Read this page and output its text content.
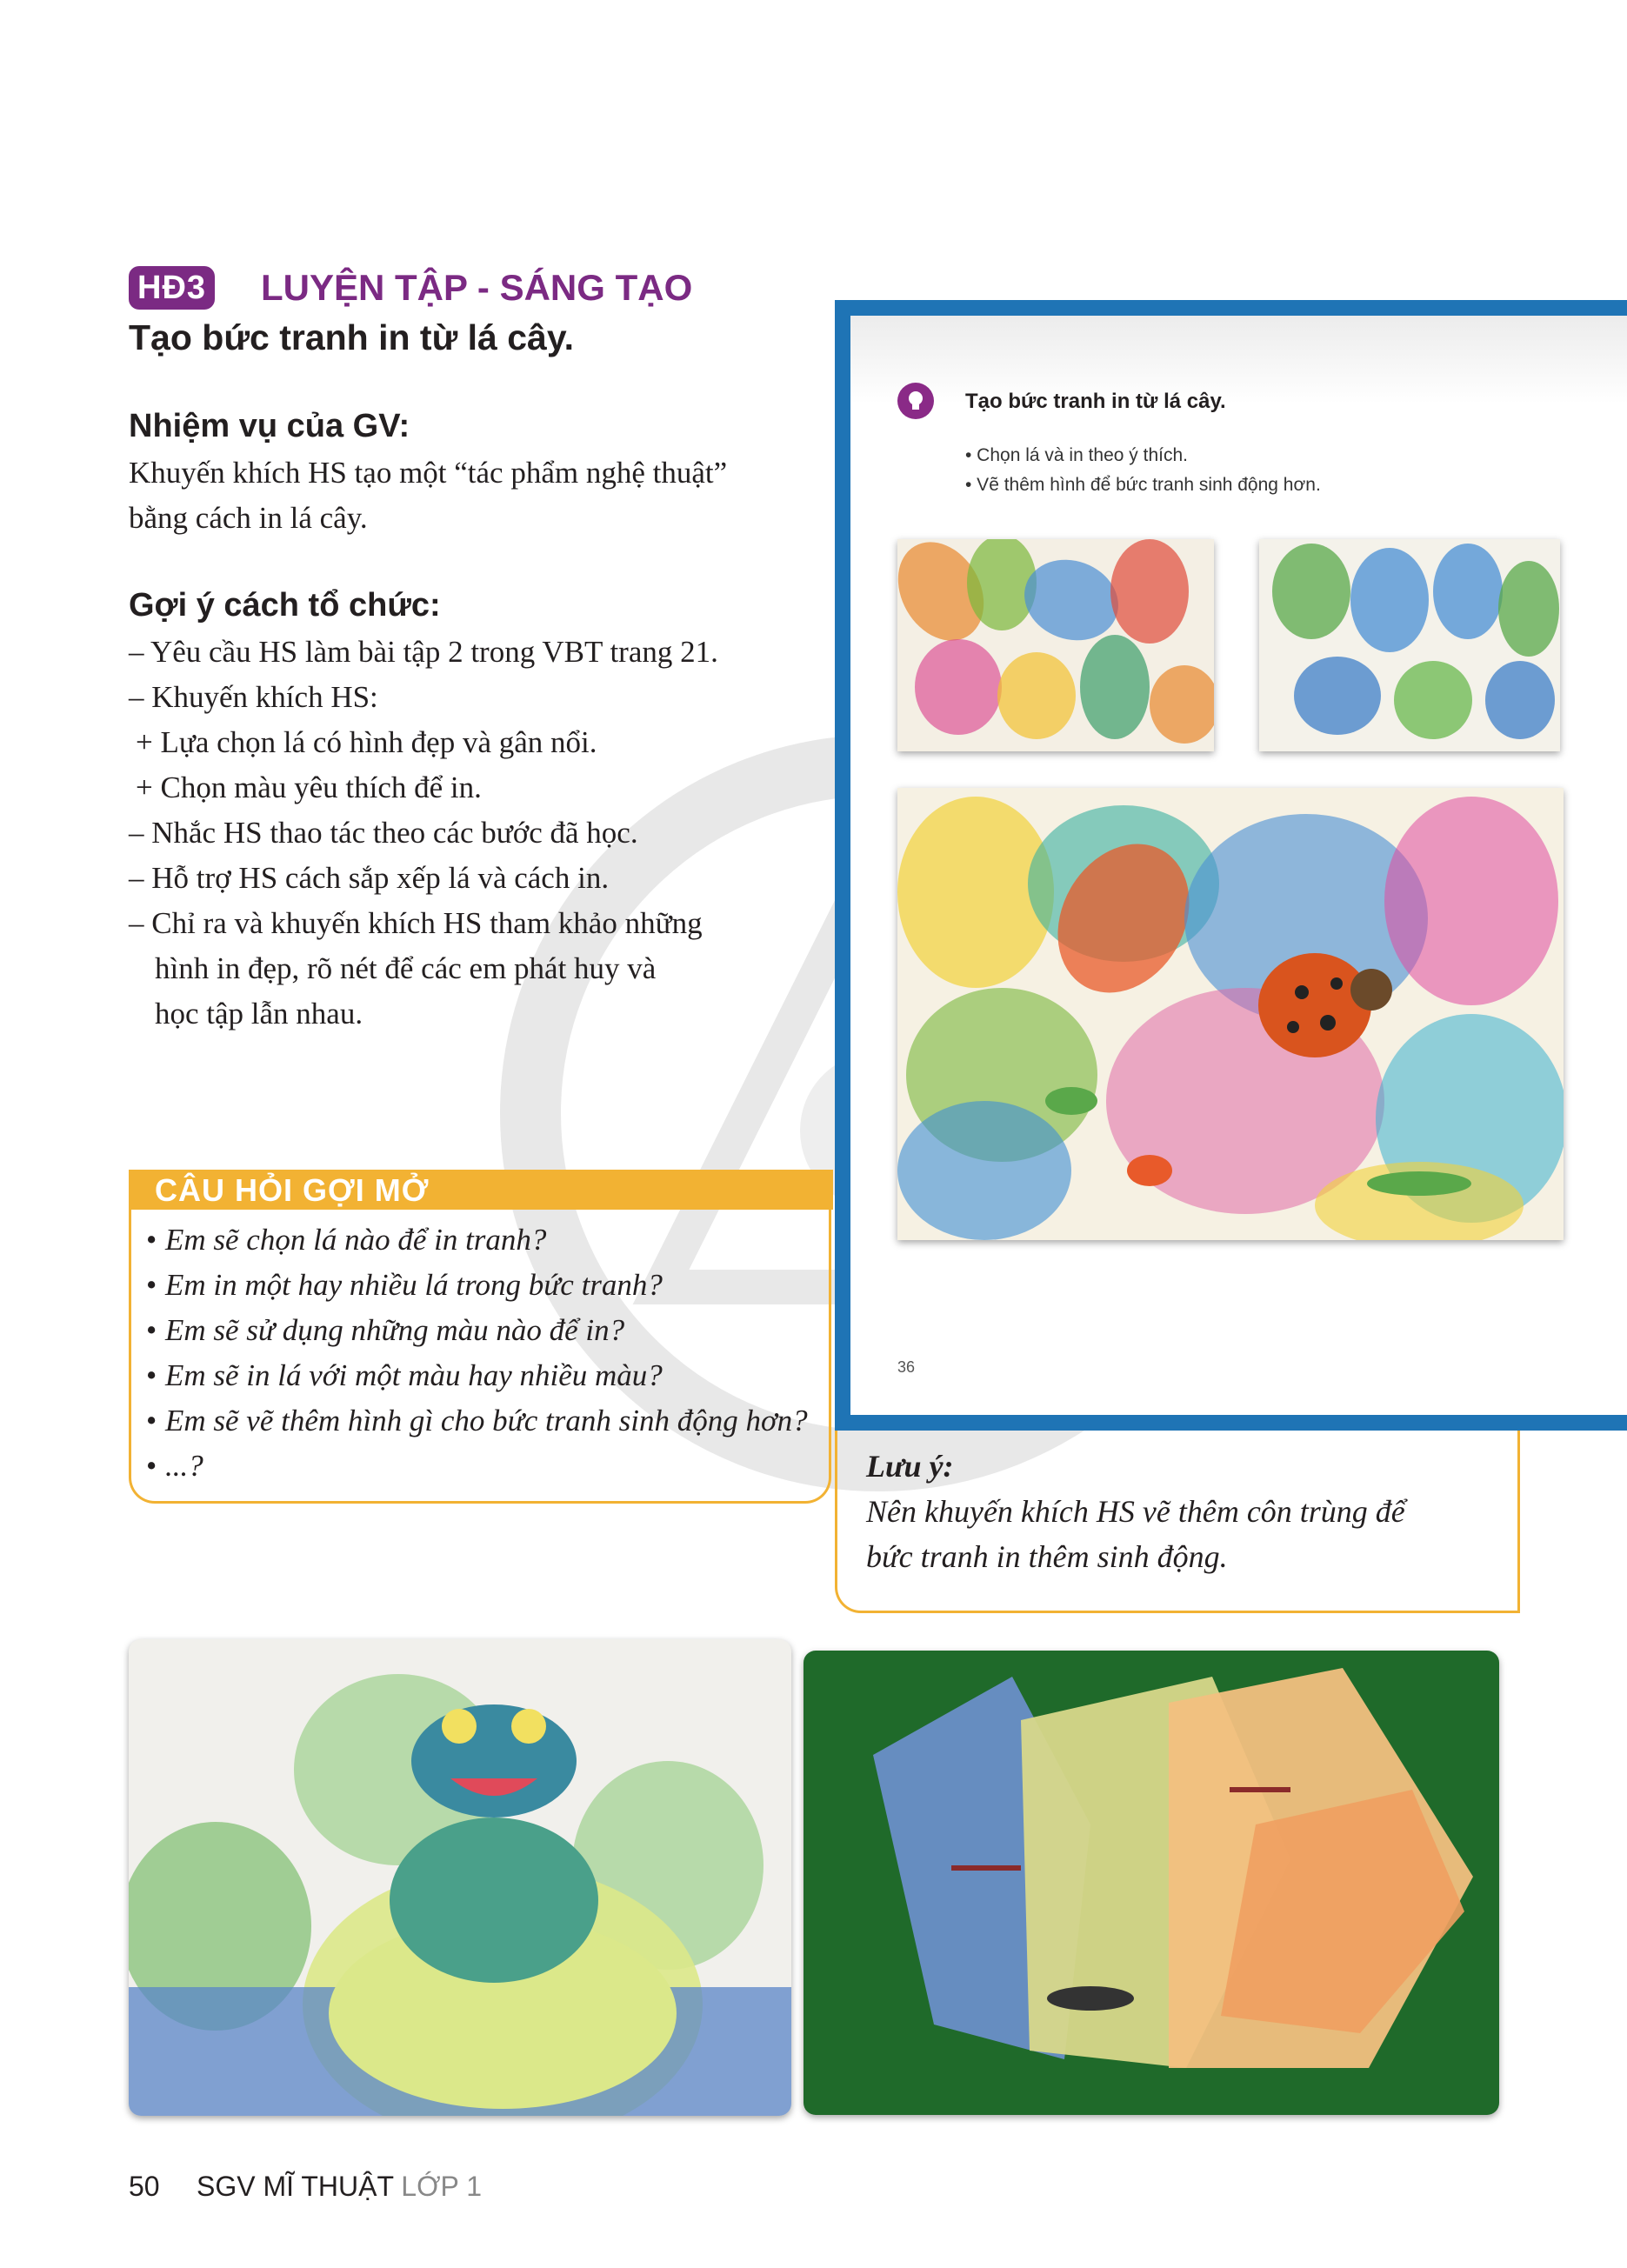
HĐ3 LUYỆN TẬP - SÁNG TẠO
Tạo bức tranh in từ lá cây.
Nhiệm vụ của GV:
Khuyến khích HS tạo một “tác phẩm nghệ thuật”
bằng cách in lá cây.
Gợi ý cách tổ chức:
– Yêu cầu HS làm bài tập 2 trong VBT trang 21.
– Khuyến khích HS:
+ Lựa chọn lá có hình đẹp và gân nổi.
+ Chọn màu yêu thích để in.
– Nhắc HS thao tác theo các bước đã học.
– Hỗ trợ HS cách sắp xếp lá và cách in.
– Chỉ ra và khuyến khích HS tham khảo những
hình in đẹp, rõ nét để các em phát huy và
học tập lẫn nhau.
CÂU HỎI GỢI MỞ
• Em sẽ chọn lá nào để in tranh?
• Em in một hay nhiều lá trong bức tranh?
• Em sẽ sử dụng những màu nào để in?
• Em sẽ in lá với một màu hay nhiều màu?
• Em sẽ vẽ thêm hình gì cho bức tranh sinh động hơn?
• ...?	Lưu ý:
Nên khuyến khích HS vẽ thêm côn trùng để
bức tranh in thêm sinh động.
Tạo bức tranh in từ lá cây.
• Chọn lá và in theo ý thích.
• Vẽ thêm hình để bức tranh sinh động hơn.
36
50 SGV MĨ THUẬT LỚP 1
